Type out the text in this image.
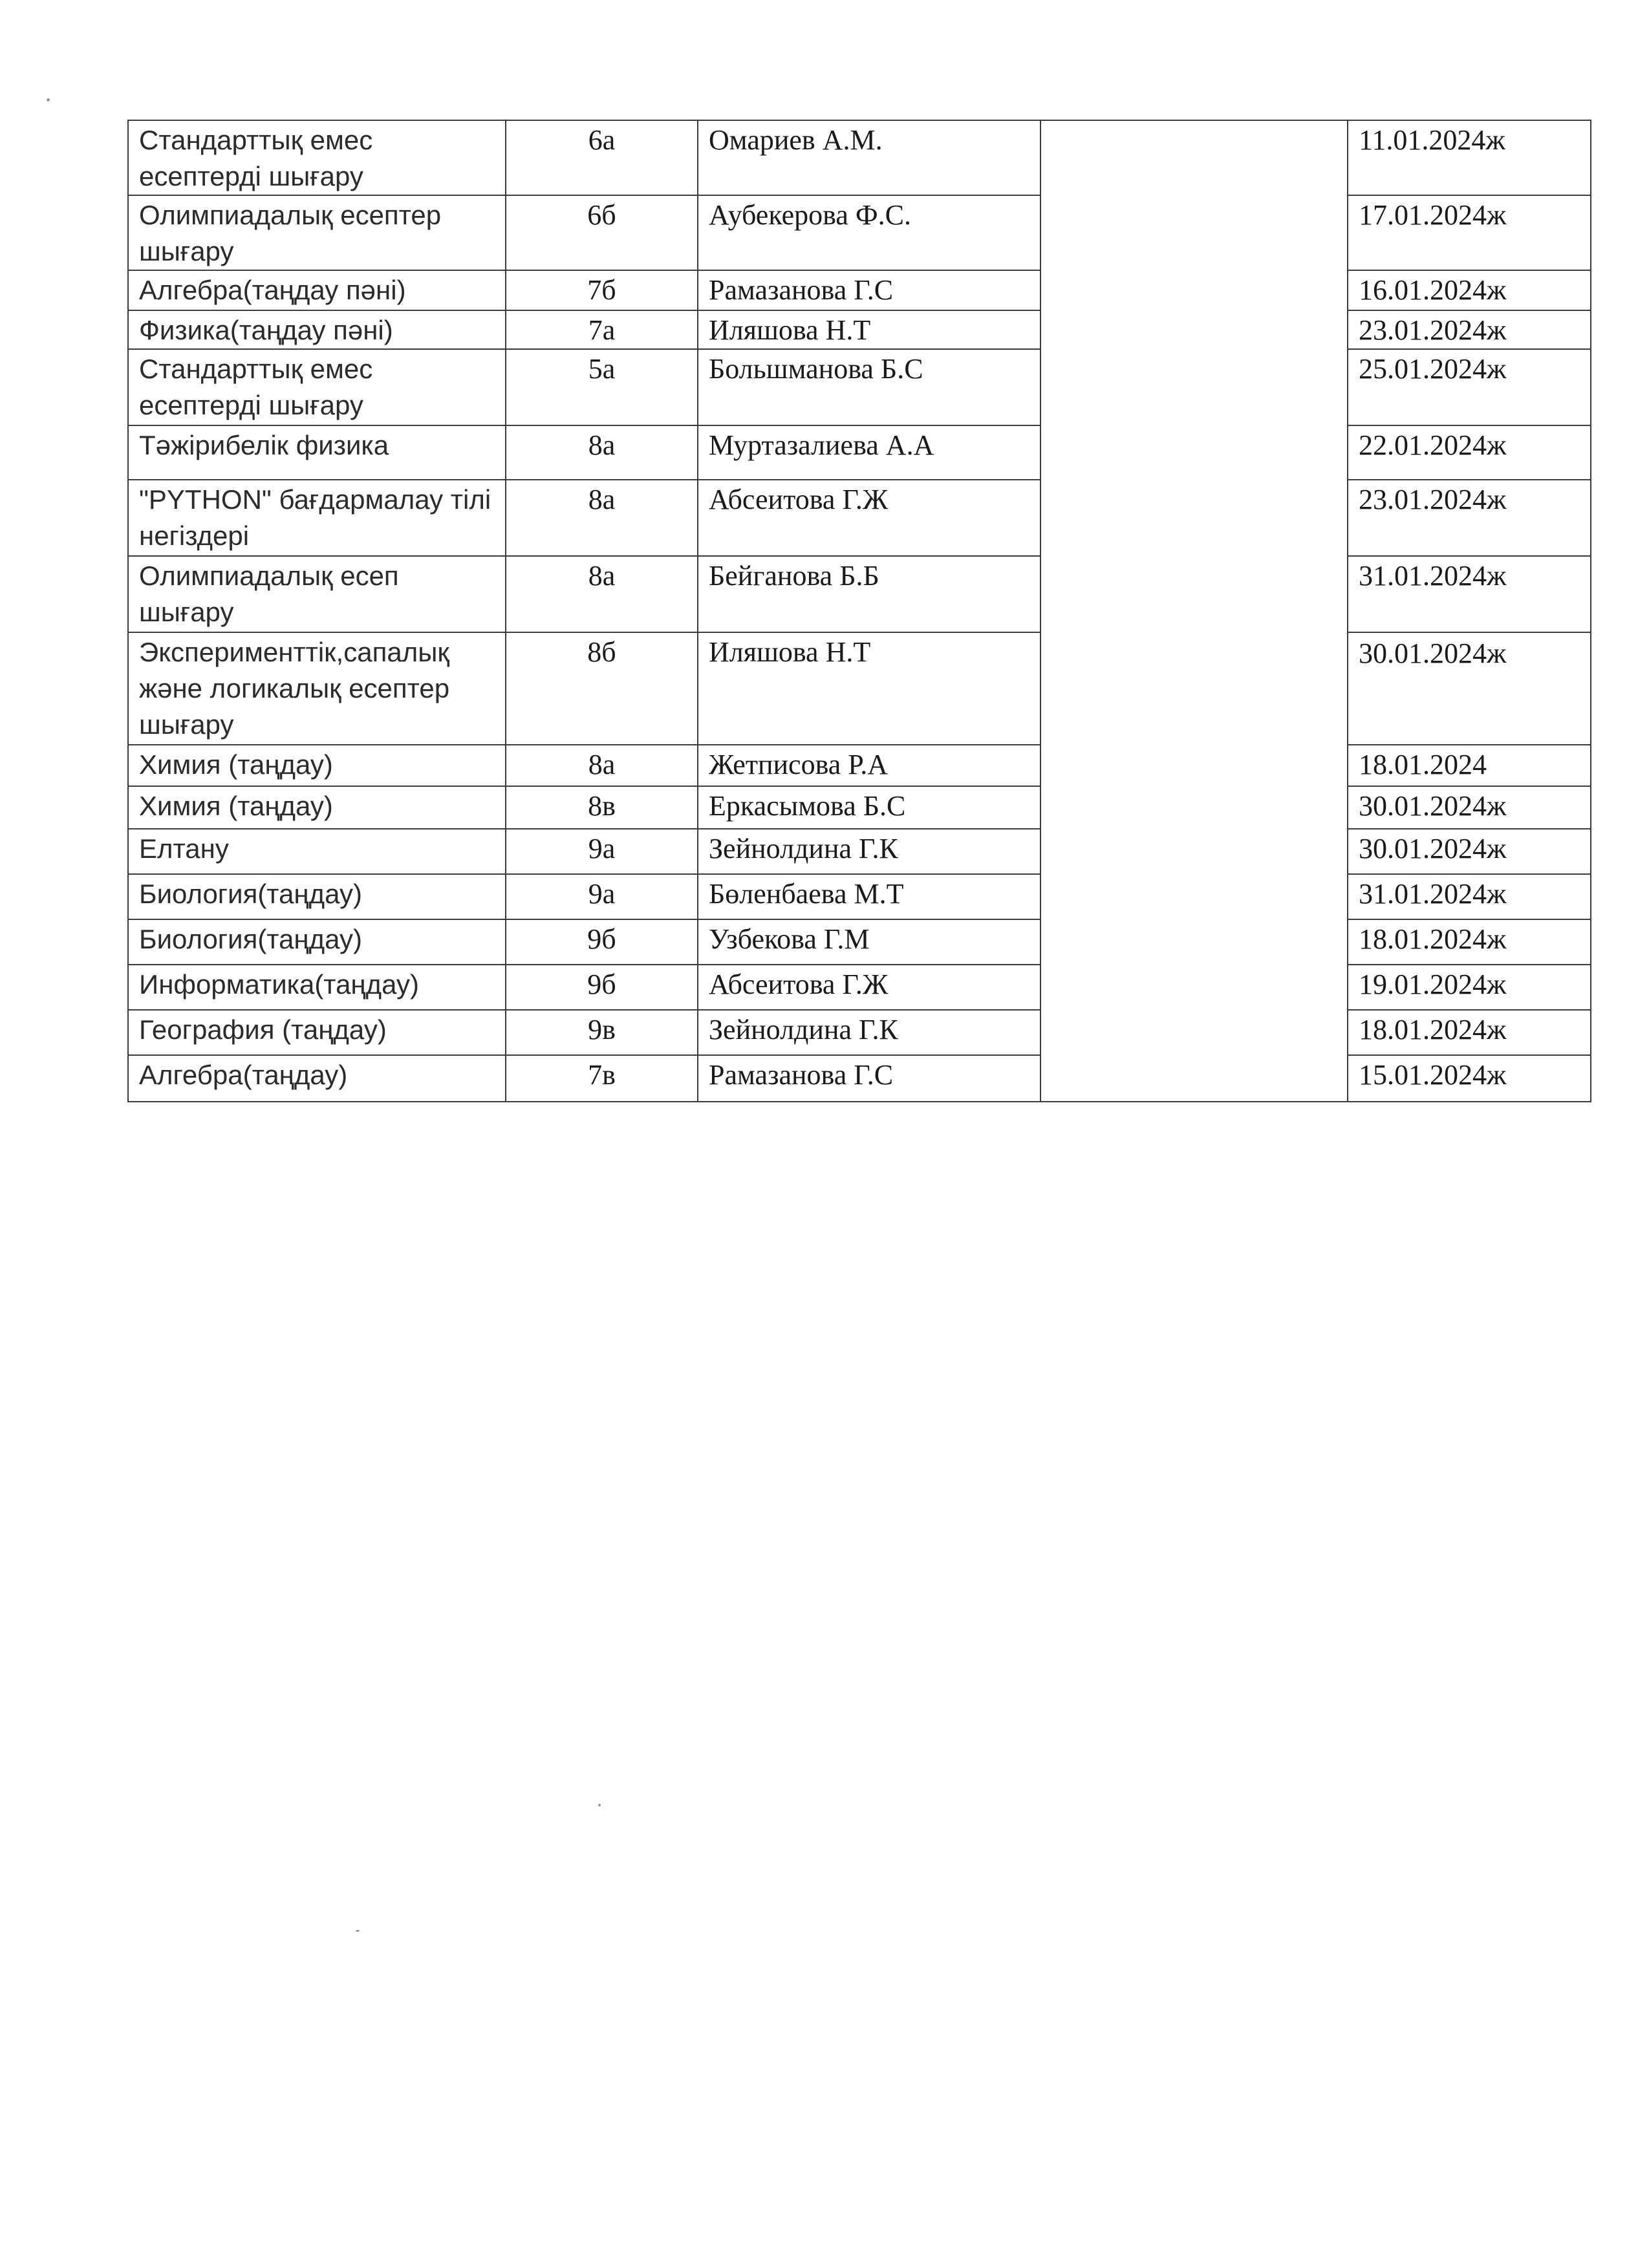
Стандарттық емес есептерді шығару	6а	Омариев А.М.		11.01.2024ж
Олимпиадалық есептер шығару	6б	Аубекерова Ф.С.		17.01.2024ж
Алгебра(таңдау пәні)	7б	Рамазанова Г.С		16.01.2024ж
Физика(таңдау пәні)	7а	Иляшова Н.Т		23.01.2024ж
Стандарттық емес есептерді шығару	5а	Большманова Б.С		25.01.2024ж
Тәжірибелік физика	8а	Муртазалиева А.А		22.01.2024ж
"PYTHON" бағдармалау тілі негіздері	8а	Абсеитова Г.Ж		23.01.2024ж
Олимпиадалық есеп шығару	8а	Бейганова Б.Б		31.01.2024ж
Эксперименттік,сапалық және логикалық есептер шығару	8б	Иляшова Н.Т		30.01.2024ж
Химия (таңдау)	8а	Жетписова Р.А		18.01.2024
Химия (таңдау)	8в	Еркасымова Б.С		30.01.2024ж
Елтану	9а	Зейнолдина Г.К		30.01.2024ж
Биология(таңдау)	9а	Бөленбаева М.Т		31.01.2024ж
Биология(таңдау)	9б	Узбекова Г.М		18.01.2024ж
Информатика(таңдау)	9б	Абсеитова Г.Ж		19.01.2024ж
География (таңдау)	9в	Зейнолдина Г.К		18.01.2024ж
Алгебра(таңдау)	7в	Рамазанова Г.С		15.01.2024ж
